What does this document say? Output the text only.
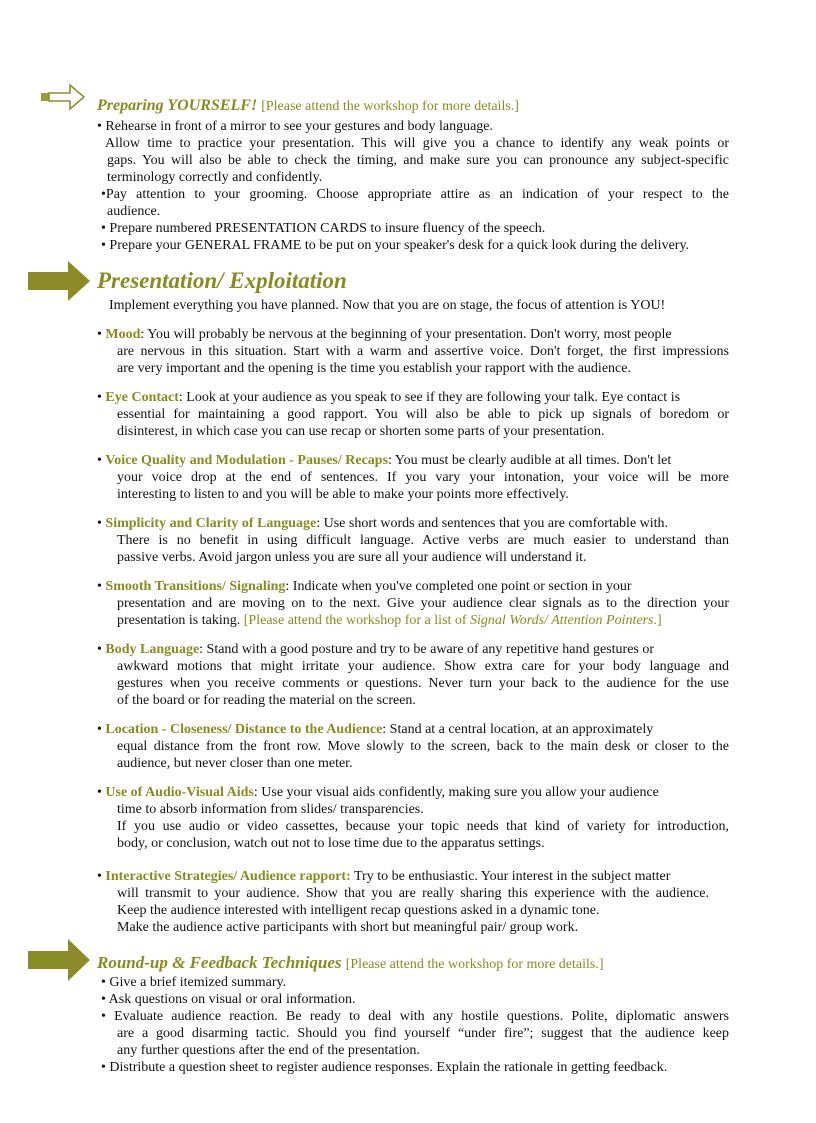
Preparing YOURSELF! [Please attend the workshop for more details.]
• Rehearse in front of a mirror to see your gestures and body language.
Allow time to practice your presentation. This will give you a chance to identify any weak points or
gaps. You will also be able to check the timing, and make sure you can pronounce any subject-specific
terminology correctly and confidently.
•Pay attention to your grooming. Choose appropriate attire as an indication of your respect to the
audience.
• Prepare numbered PRESENTATION CARDS to insure fluency of the speech.
• Prepare your GENERAL FRAME to be put on your speaker's desk for a quick look during the delivery.
Presentation/ Exploitation
Implement everything you have planned. Now that you are on stage, the focus of attention is YOU!
• Mood: You will probably be nervous at the beginning of your presentation. Don't worry, most people
are nervous in this situation. Start with a warm and assertive voice. Don't forget, the first impressions
are very important and the opening is the time you establish your rapport with the audience.
• Eye Contact: Look at your audience as you speak to see if they are following your talk. Eye contact is
essential for maintaining a good rapport. You will also be able to pick up signals of boredom or
disinterest, in which case you can use recap or shorten some parts of your presentation.
• Voice Quality and Modulation - Pauses/ Recaps: You must be clearly audible at all times. Don't let
your voice drop at the end of sentences. If you vary your intonation, your voice will be more
interesting to listen to and you will be able to make your points more effectively.
• Simplicity and Clarity of Language: Use short words and sentences that you are comfortable with.
There is no benefit in using difficult language. Active verbs are much easier to understand than
passive verbs. Avoid jargon unless you are sure all your audience will understand it.
• Smooth Transitions/ Signaling: Indicate when you've completed one point or section in your
presentation and are moving on to the next. Give your audience clear signals as to the direction your
presentation is taking. [Please attend the workshop for a list of Signal Words/ Attention Pointers.]
• Body Language: Stand with a good posture and try to be aware of any repetitive hand gestures or
awkward motions that might irritate your audience. Show extra care for your body language and
gestures when you receive comments or questions. Never turn your back to the audience for the use
of the board or for reading the material on the screen.
• Location - Closeness/ Distance to the Audience: Stand at a central location, at an approximately
equal distance from the front row. Move slowly to the screen, back to the main desk or closer to the
audience, but never closer than one meter.
• Use of Audio-Visual Aids: Use your visual aids confidently, making sure you allow your audience
time to absorb information from slides/ transparencies.
If you use audio or video cassettes, because your topic needs that kind of variety for introduction,
body, or conclusion, watch out not to lose time due to the apparatus settings.
• Interactive Strategies/ Audience rapport: Try to be enthusiastic. Your interest in the subject matter
will transmit to your audience. Show that you are really sharing this experience with the audience.
Keep the audience interested with intelligent recap questions asked in a dynamic tone.
Make the audience active participants with short but meaningful pair/ group work.
Round-up & Feedback Techniques [Please attend the workshop for more details.]
• Give a brief itemized summary.
• Ask questions on visual or oral information.
• Evaluate audience reaction. Be ready to deal with any hostile questions. Polite, diplomatic answers
are a good disarming tactic. Should you find yourself “under fire”; suggest that the audience keep
any further questions after the end of the presentation.
• Distribute a question sheet to register audience responses. Explain the rationale in getting feedback.
